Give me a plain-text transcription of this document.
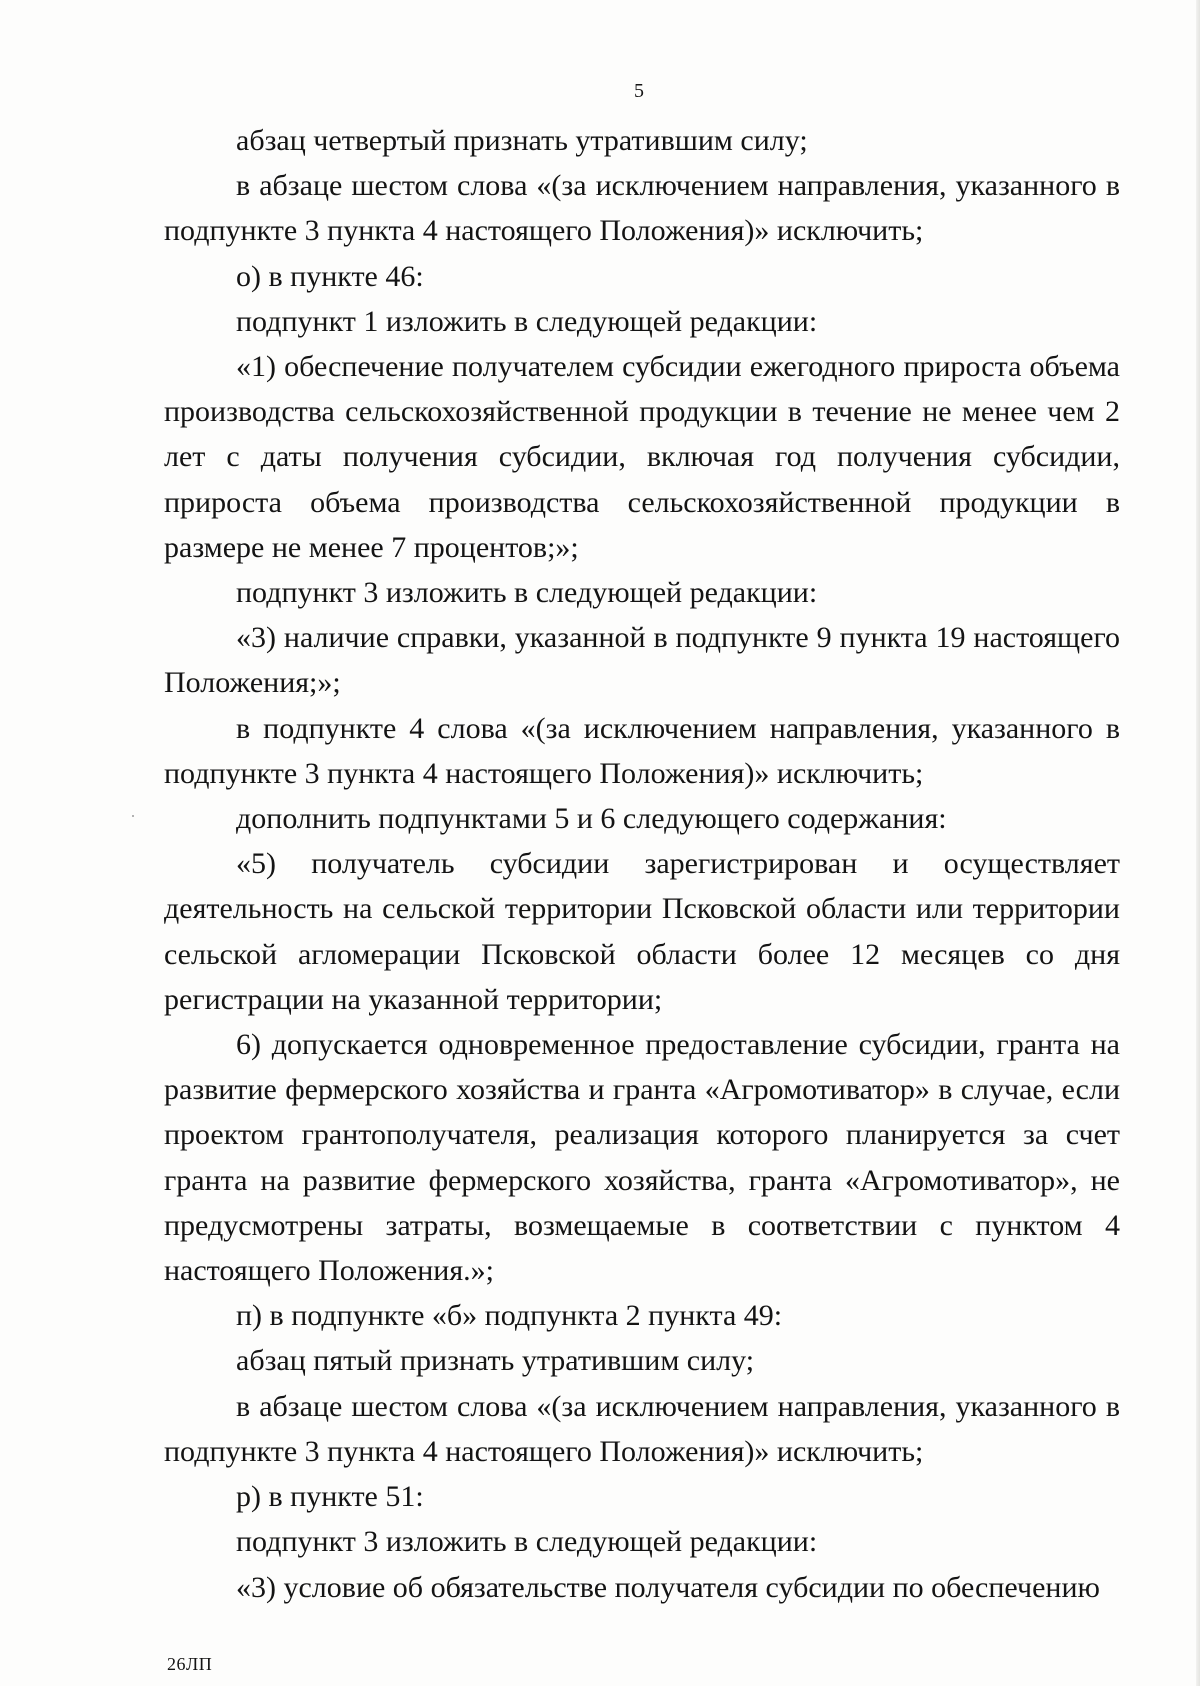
5

абзац четвертый признать утратившим силу;

в абзаце шестом слова «(за исключением направления, указанного в подпункте 3 пункта 4 настоящего Положения)» исключить;

о) в пункте 46:

подпункт 1 изложить в следующей редакции:

«1) обеспечение получателем субсидии ежегодного прироста объема производства сельскохозяйственной продукции в течение не менее чем 2 лет с даты получения субсидии, включая год получения субсидии, прироста объема производства сельскохозяйственной продукции в размере не менее 7 процентов;»;

подпункт 3 изложить в следующей редакции:

«3) наличие справки, указанной в подпункте 9 пункта 19 настоящего Положения;»;

в подпункте 4 слова «(за исключением направления, указанного в подпункте 3 пункта 4 настоящего Положения)» исключить;

дополнить подпунктами 5 и 6 следующего содержания:

«5) получатель субсидии зарегистрирован и осуществляет деятельность на сельской территории Псковской области или территории сельской агломерации Псковской области более 12 месяцев со дня регистрации на указанной территории;

6) допускается одновременное предоставление субсидии, гранта на развитие фермерского хозяйства и гранта «Агромотиватор» в случае, если проектом грантополучателя, реализация которого планируется за счет гранта на развитие фермерского хозяйства, гранта «Агромотиватор», не предусмотрены затраты, возмещаемые в соответствии с пунктом 4 настоящего Положения.»;

п) в подпункте «б» подпункта 2 пункта 49:

абзац пятый признать утратившим силу;

в абзаце шестом слова «(за исключением направления, указанного в подпункте 3 пункта 4 настоящего Положения)» исключить;

р) в пункте 51:

подпункт 3 изложить в следующей редакции:

«3) условие об обязательстве получателя субсидии по обеспечению

26ЛП
